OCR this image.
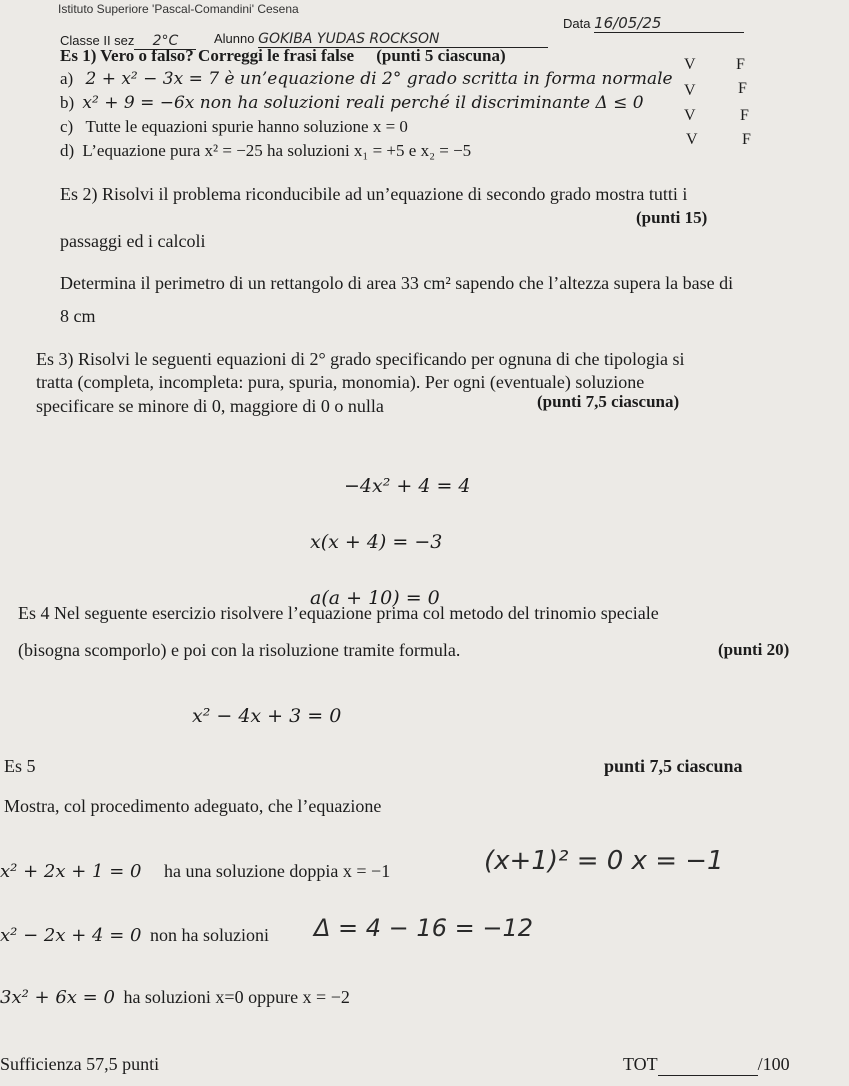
Istituto Superiore 'Pascal-Comandini' Cesena
Data 16/05/25
Classe II sez 2°C	Alunno GOKIBA YUDAS ROCKSON
Es 1) Vero o falso? Correggi le frasi false (punti 5 ciascuna)
a) 2 + x² − 3x = 7 è un’equazione di 2° grado scritta in forma normale
V	F
b) x² + 9 = −6x non ha soluzioni reali perché il discriminante Δ ≤ 0
V	F
c) Tutte le equazioni spurie hanno soluzione x = 0
V	F
d) L’equazione pura x² = −25 ha soluzioni x₁ = +5 e x₂ = −5
V	F
Es 2) Risolvi il problema riconducibile ad un’equazione di secondo grado mostra tutti i
passaggi ed i calcoli
(punti 15)
Determina il perimetro di un rettangolo di area 33 cm² sapendo che l’altezza supera la base di
8 cm
Es 3) Risolvi le seguenti equazioni di 2° grado specificando per ognuna di che tipologia si
tratta (completa, incompleta: pura, spuria, monomia). Per ogni (eventuale) soluzione
specificare se minore di 0, maggiore di 0 o nulla	(punti 7,5 ciascuna)
−4x² + 4 = 4
x(x + 4) = −3
a(a + 10) = 0
Es 4 Nel seguente esercizio risolvere l’equazione prima col metodo del trinomio speciale
(bisogna scomporlo) e poi con la risoluzione tramite formula.	(punti 20)
x² − 4x + 3 = 0
Es 5	punti 7,5 ciascuna
Mostra, col procedimento adeguato, che l’equazione
x² + 2x + 1 = 0 ha una soluzione doppia x = −1	(x+1)² = 0 x = −1
x² − 2x + 4 = 0 non ha soluzioni Δ = 4 − 16 = −12
3x² + 6x = 0 ha soluzioni x=0 oppure x = −2
Sufficienza 57,5 punti	TOT	/100
